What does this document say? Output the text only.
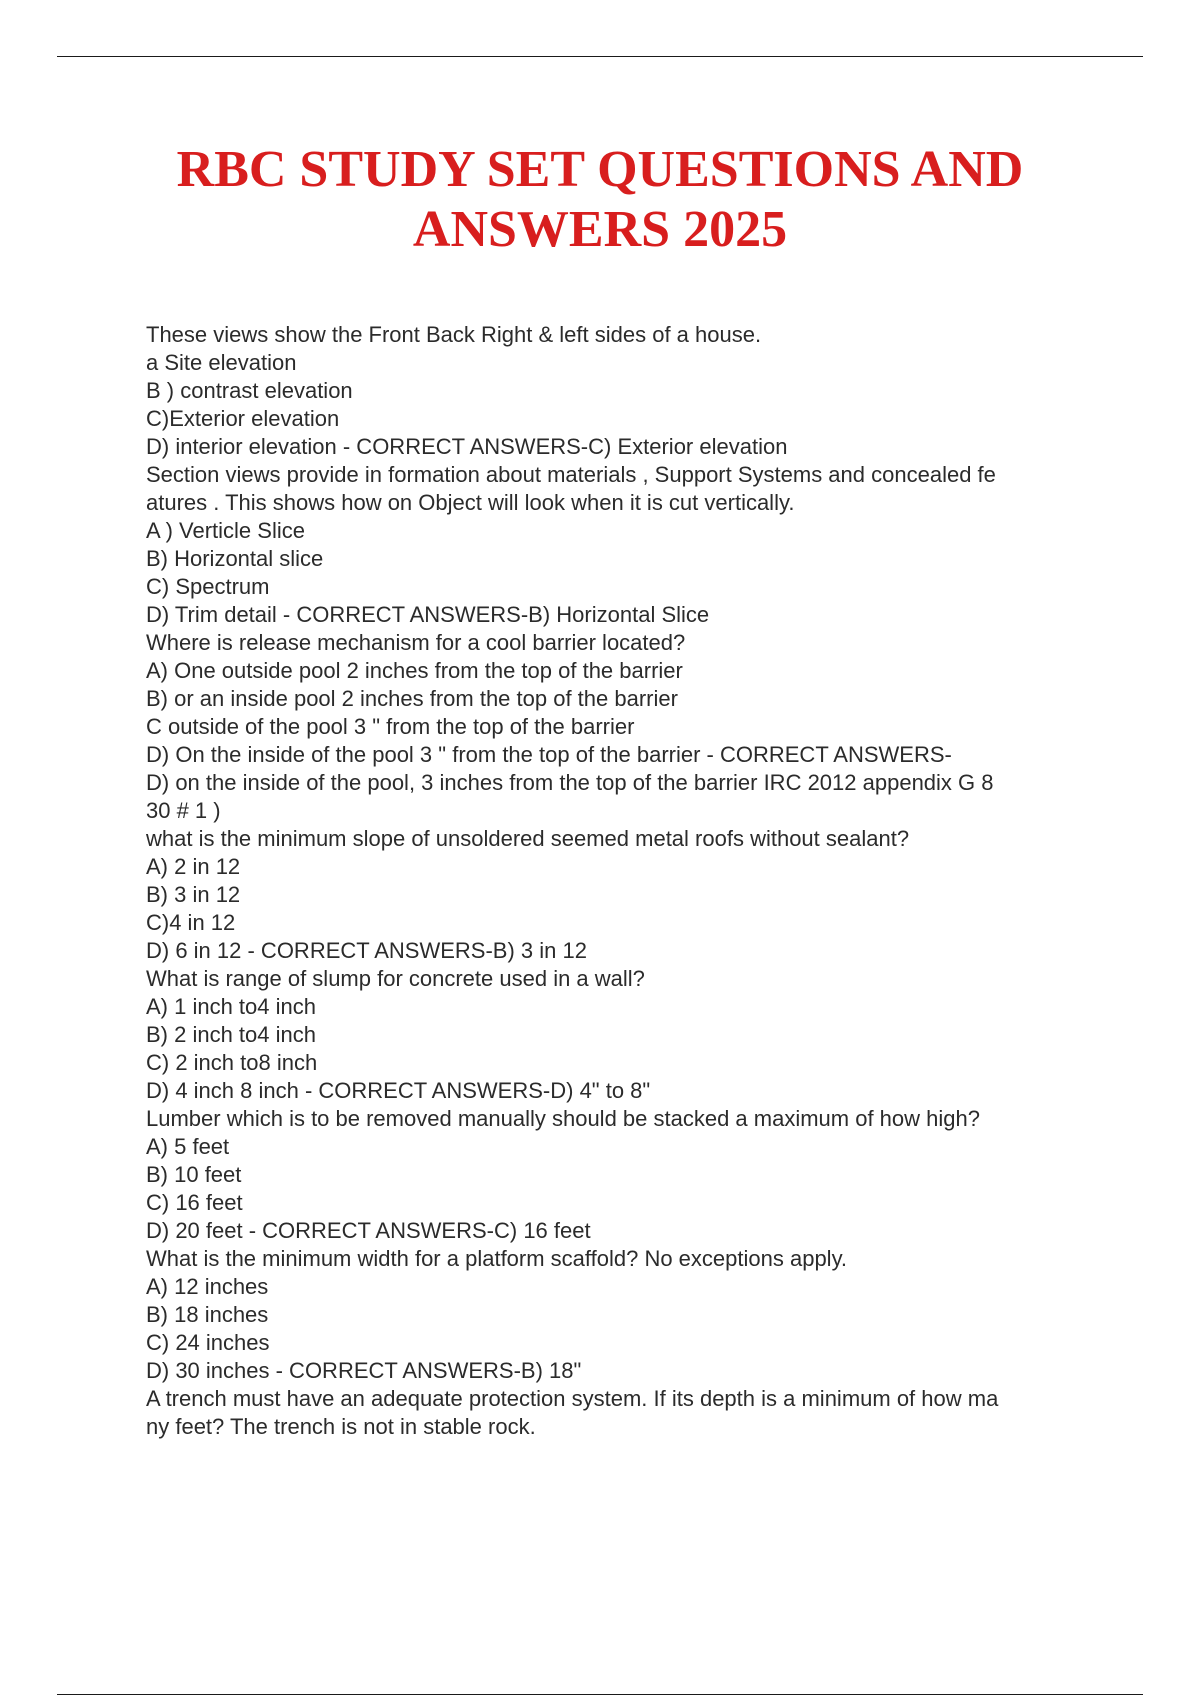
RBC STUDY SET QUESTIONS AND
ANSWERS 2025
These views show the Front Back Right & left sides of a house.
a Site elevation
B ) contrast elevation
C)Exterior elevation
D) interior elevation - CORRECT ANSWERS-C) Exterior elevation
Section views provide in formation about materials , Support Systems and concealed fe
atures . This shows how on Object will look when it is cut vertically.
A ) Verticle Slice
B) Horizontal slice
C) Spectrum
D) Trim detail - CORRECT ANSWERS-B) Horizontal Slice
Where is release mechanism for a cool barrier located?
A) One outside pool 2 inches from the top of the barrier
B) or an inside pool 2 inches from the top of the barrier
C outside of the pool 3 " from the top of the barrier
D) On the inside of the pool 3 " from the top of the barrier - CORRECT ANSWERS-
D) on the inside of the pool, 3 inches from the top of the barrier IRC 2012 appendix G 8
30 # 1 )
what is the minimum slope of unsoldered seemed metal roofs without sealant?
A) 2 in 12
B) 3 in 12
C)4 in 12
D) 6 in 12 - CORRECT ANSWERS-B) 3 in 12
What is range of slump for concrete used in a wall?
A) 1 inch to4 inch
B) 2 inch to4 inch
C) 2 inch to8 inch
D) 4 inch 8 inch - CORRECT ANSWERS-D) 4" to 8"
Lumber which is to be removed manually should be stacked a maximum of how high?
A) 5 feet
B) 10 feet
C) 16 feet
D) 20 feet - CORRECT ANSWERS-C) 16 feet
What is the minimum width for a platform scaffold? No exceptions apply.
A) 12 inches
B) 18 inches
C) 24 inches
D) 30 inches - CORRECT ANSWERS-B) 18"
A trench must have an adequate protection system. If its depth is a minimum of how ma
ny feet? The trench is not in stable rock.
